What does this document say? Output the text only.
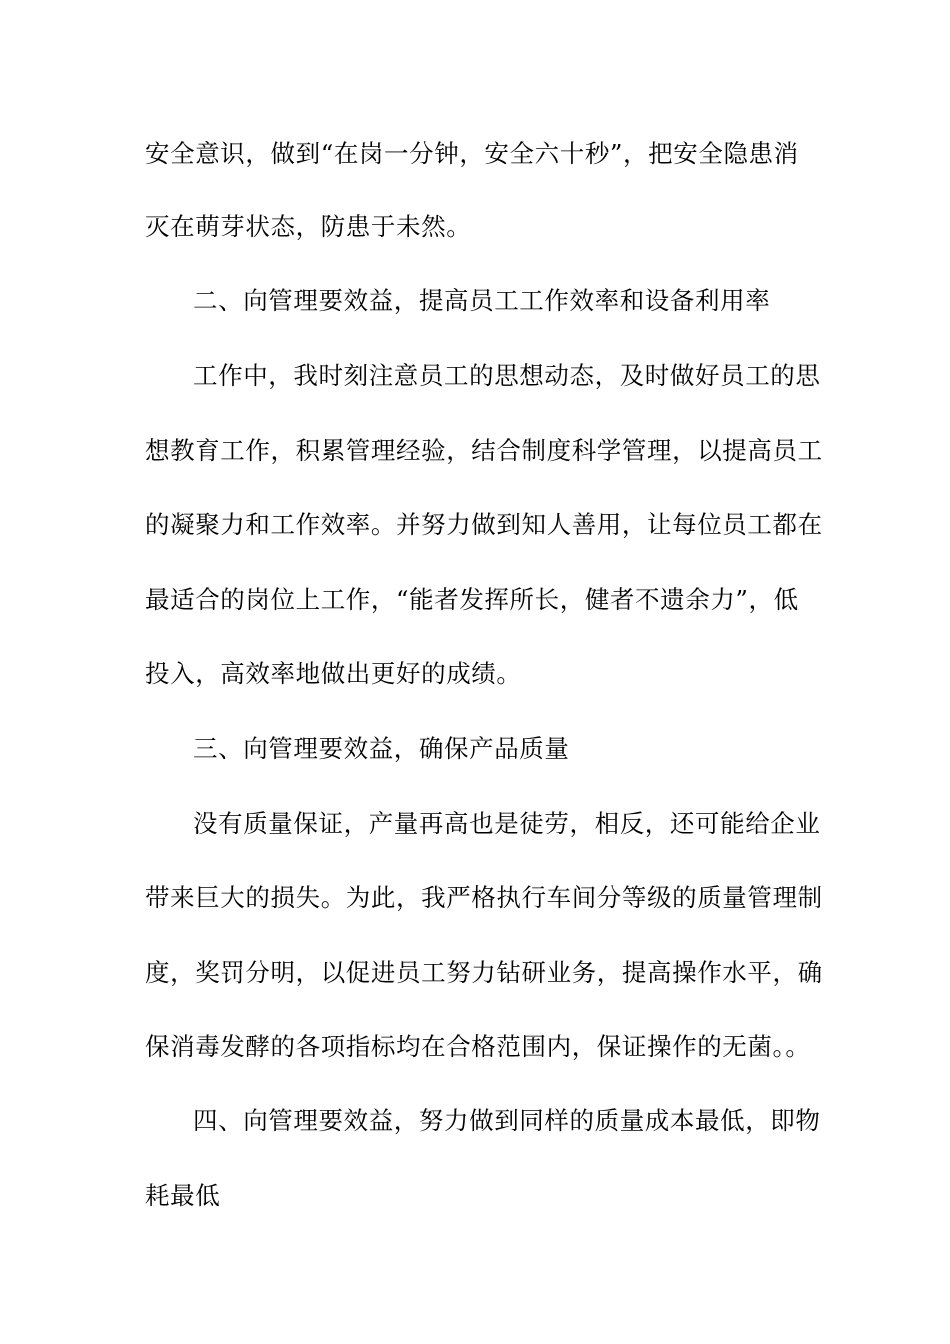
安全意识，做到“在岗一分钟，安全六十秒”，把安全隐患消
灭在萌芽状态，防患于未然。
二、向管理要效益，提高员工工作效率和设备利用率
工作中，我时刻注意员工的思想动态，及时做好员工的思
想教育工作，积累管理经验，结合制度科学管理，以提高员工
的凝聚力和工作效率。并努力做到知人善用，让每位员工都在
最适合的岗位上工作，“能者发挥所长，健者不遗余力”，低
投入，高效率地做出更好的成绩。
三、向管理要效益，确保产品质量
没有质量保证，产量再高也是徒劳，相反，还可能给企业
带来巨大的损失。为此，我严格执行车间分等级的质量管理制
度，奖罚分明，以促进员工努力钻研业务，提高操作水平，确
保消毒发酵的各项指标均在合格范围内，保证操作的无菌。。
四、向管理要效益，努力做到同样的质量成本最低，即物
耗最低
